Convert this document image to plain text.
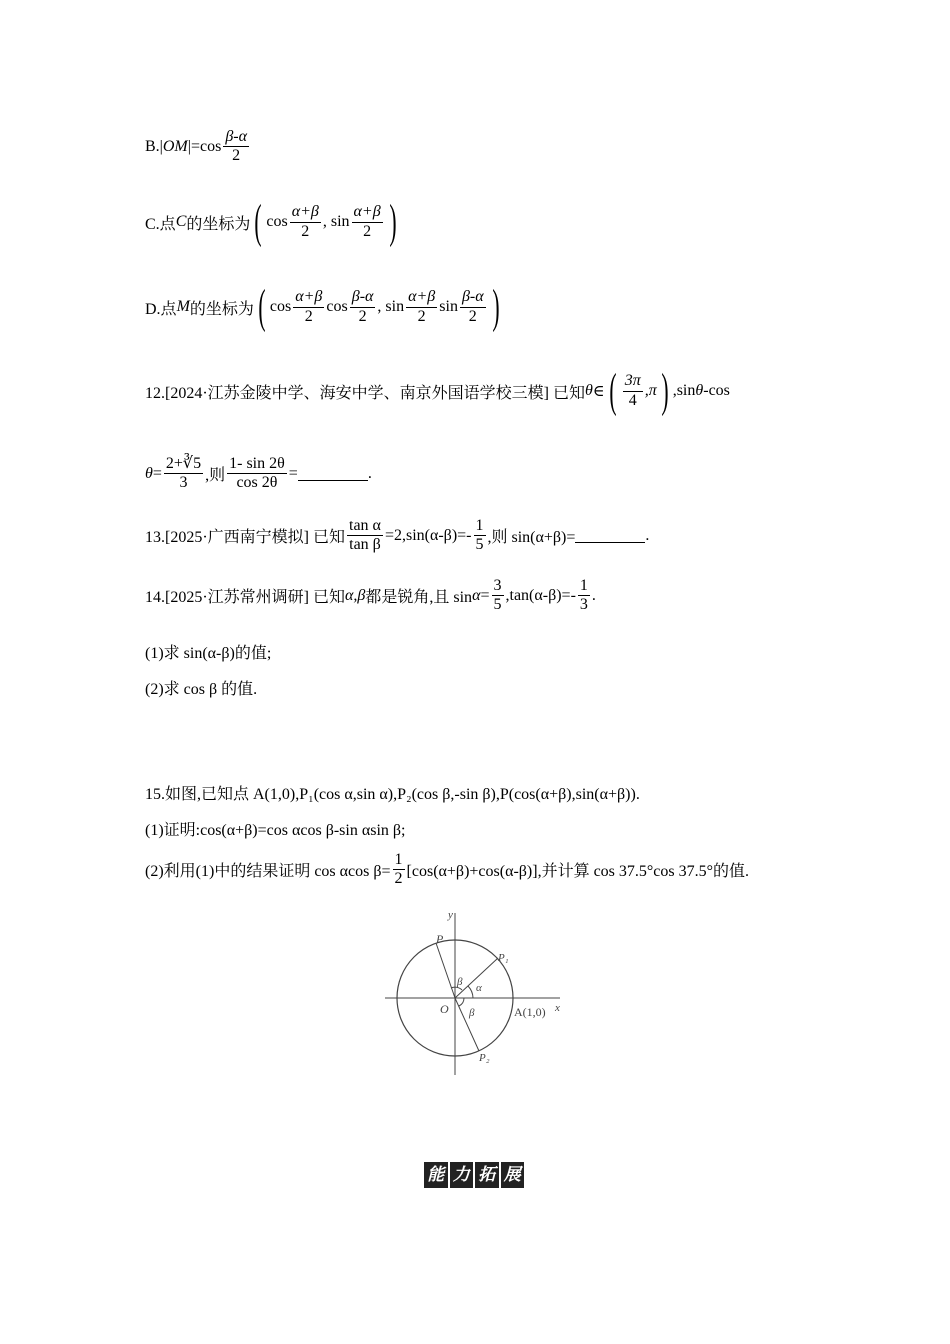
B.| OM $|=\cos \frac{\beta-\alpha}{2}$
C.点 C 的坐标为 ( $\cos \frac{\alpha+\beta}{2}$ , $\sin \frac{\alpha+\beta}{2}$ )
D.点 M 的坐标为 ( $\cos \frac{\alpha+\beta}{2}$ $\cos \frac{\beta-\alpha}{2}$ , $\sin \frac{\alpha+\beta}{2}$ $\sin \frac{\beta-\alpha}{2}$ )
12.[2024·江苏金陵中学、海安中学、南京外国语学校三模] 已知 θ ∈ ( $\frac{3\pi}{4} ,\pi$ ) ,sin θ -cos
$\theta = \frac{2+∛5}{3}$ ,则 $\frac{1- \sin 2\theta}{\cos 2\theta}$ =	.
13.[2025·广西南宁模拟] 已知 $\frac{\text{tan α}}{\text{tan β}} =2,\sin(\alpha-\beta)=- \frac{1}{5}$ ,则 sin(α+β)=	.
14.[2025·江苏常州调研] 已知 α,β 都是锐角,且 $\sin \alpha = \frac{3}{5} ,\tan(\alpha-\beta)=- \frac{1}{3}$ .
(1)求 sin(α-β)的值;
(2)求 cos β 的值.
15.如图,已知点 A(1,0),P₁(cos α,sin α),P₂(cos β,-sin β),P(cos(α+β),sin(α+β)).
(1)证明:cos(α+β)=cos αcos β-sin αsin β;
(2)利用(1)中的结果证明 cos αcos $\beta= \frac{1}{2} [\cos(\alpha+\beta)+\cos(\alpha-\beta)]$,并计算 cos 37.5°cos 37.5°的值.
y
x
O
P
P₁
P₂
A(1,0)
α
β
β
能 力 拓 展
